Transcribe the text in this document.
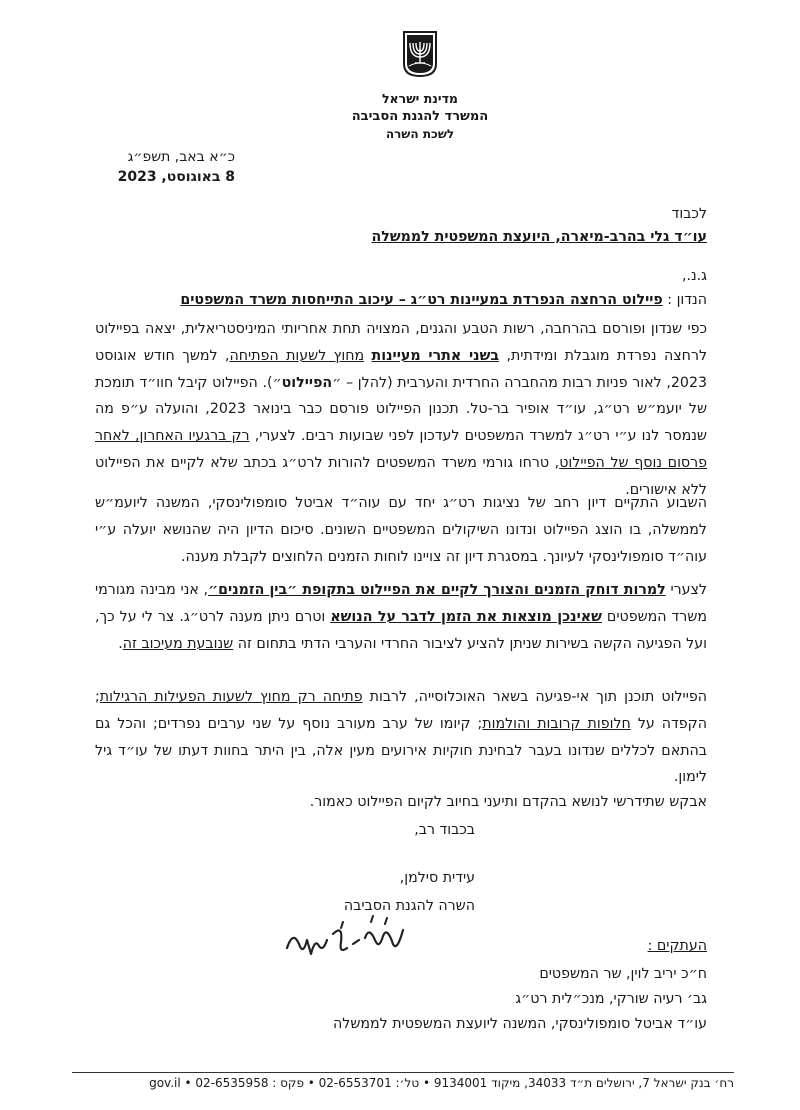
מדינת ישראל
המשרד להגנת הסביבה
לשכת השרה
כ״א באב, תשפ״ג
8 באוגוסט, 2023
לכבוד
עו״ד גלי בהרב-מיארה, היועצת המשפטית לממשלה
ג.נ.,
הנדון : פיילוט הרחצה הנפרדת במעיינות רט״ג – עיכוב התייחסות משרד המשפטים
כפי שנדון ופורסם בהרחבה, רשות הטבע והגנים, המצויה תחת אחריותי המיניסטריאלית, יצאה בפיילוט לרחצה נפרדת מוגבלת ומידתית, בשני אתרי מעיינות מחוץ לשעות הפתיחה, למשך חודש אוגוסט 2023, לאור פניות רבות מהחברה החרדית והערבית (להלן – ״הפיילוט״). הפיילוט קיבל חוו״ד תומכת של יועמ״ש רט״ג, עו״ד אופיר בר-טל. תכנון הפיילוט פורסם כבר בינואר 2023, והועלה ע״פ מה שנמסר לנו ע״י רט״ג למשרד המשפטים לעדכון לפני שבועות רבים. לצערי, רק ברגעיו האחרון, לאחר פרסום נוסף של הפיילוט, טרחו גורמי משרד המשפטים להורות לרט״ג בכתב שלא לקיים את הפיילוט ללא אישורים.
השבוע התקיים דיון רחב של נציגות רט״ג יחד עם עוה״ד אביטל סומפולינסקי, המשנה ליועמ״ש לממשלה, בו הוצג הפיילוט ונדונו השיקולים המשפטיים השונים. סיכום הדיון היה שהנושא יועלה ע״י עוה״ד סומפולינסקי לעיונך. במסגרת דיון זה צויינו לוחות הזמנים הלחוצים לקבלת מענה.
לצערי למרות דוחק הזמנים והצורך לקיים את הפיילוט בתקופת ״בין הזמנים״, אני מבינה מגורמי משרד המשפטים שאינכן מוצאות את הזמן לדבר על הנושא וטרם ניתן מענה לרט״ג. צר לי על כך, ועל הפגיעה הקשה בשירות שניתן להציע לציבור החרדי והערבי הדתי בתחום זה שנובעת מעיכוב זה.
הפיילוט תוכנן תוך אי-פגיעה בשאר האוכלוסייה, לרבות פתיחה רק מחוץ לשעות הפעילות הרגילות; הקפדה על חלופות קרובות והולמות; קיומו של ערב מעורב נוסף על שני ערבים נפרדים; והכל גם בהתאם לכללים שנדונו בעבר לבחינת חוקיות אירועים מעין אלה, בין היתר בחוות דעתו של עו״ד גיל לימון.
אבקש שתידרשי לנושא בהקדם ותיעני בחיוב לקיום הפיילוט כאמור.
בכבוד רב,
עידית סילמן,
השרה להגנת הסביבה
העתקים :
ח״כ יריב לוין, שר המשפטים
גב׳ רעיה שורקי, מנכ״לית רט״ג
עו״ד אביטל סומפולינסקי, המשנה ליועצת המשפטית לממשלה
רח׳ בנק ישראל 7, ירושלים ת״ד 34033, מיקוד 9134001 • טל׳: 02-6553701 • פקס : 02-6535958 • gov.il
